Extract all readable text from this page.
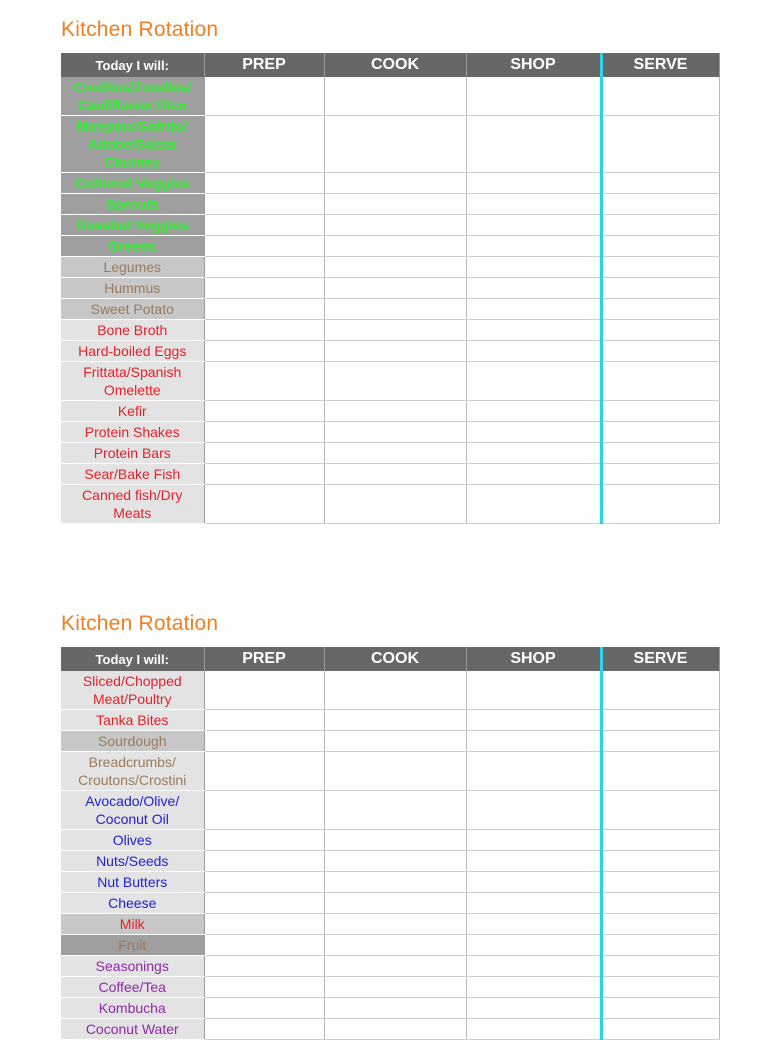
Kitchen Rotation
Today I will:	PREP	COOK	SHOP	SERVE
Crudites/Zoodles/ Cauliflower Rice				
Mirepoix/Sofrito/ Adobo/Salsa/ Chutney				
Cultured Veggies				
Sprouts				
Roasted Veggies				
Greens				
Legumes				
Hummus				
Sweet Potato				
Bone Broth				
Hard-boiled Eggs				
Frittata/Spanish Omelette				
Kefir				
Protein Shakes				
Protein Bars				
Sear/Bake Fish				
Canned fish/Dry Meats				
Kitchen Rotation
Today I will:	PREP	COOK	SHOP	SERVE
Sliced/Chopped Meat/Poultry				
Tanka Bites				
Sourdough				
Breadcrumbs/ Croutons/Crostini				
Avocado/Olive/ Coconut Oil				
Olives				
Nuts/Seeds				
Nut Butters				
Cheese				
Milk				
Fruit				
Seasonings				
Coffee/Tea				
Kombucha				
Coconut Water				
